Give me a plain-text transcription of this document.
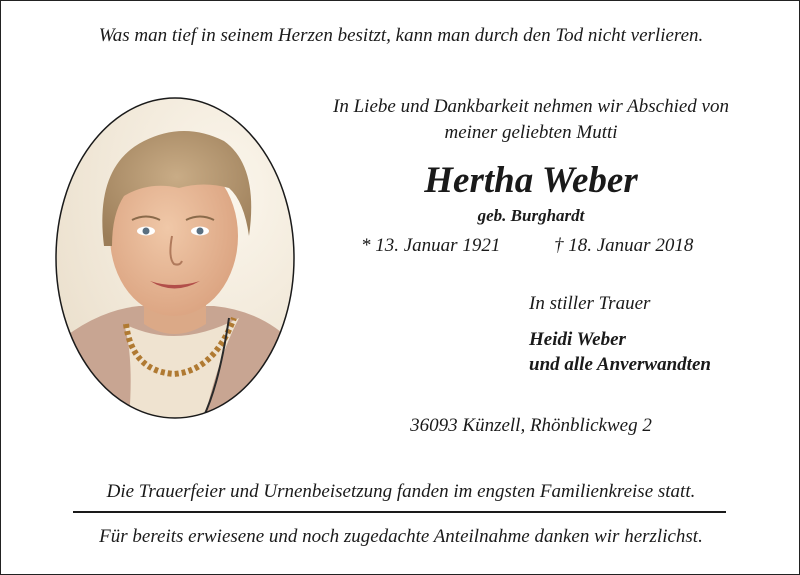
Was man tief in seinem Herzen besitzt, kann man durch den Tod nicht verlieren.
In Liebe und Dankbarkeit nehmen wir Abschied von
meiner geliebten Mutti
Hertha Weber
geb. Burghardt
* 13. Januar 1921	† 18. Januar 2018
In stiller Trauer
Heidi Weber
und alle Anverwandten
36093 Künzell, Rhönblickweg 2
Die Trauerfeier und Urnenbeisetzung fanden im engsten Familienkreise statt.
Für bereits erwiesene und noch zugedachte Anteilnahme danken wir herzlichst.
